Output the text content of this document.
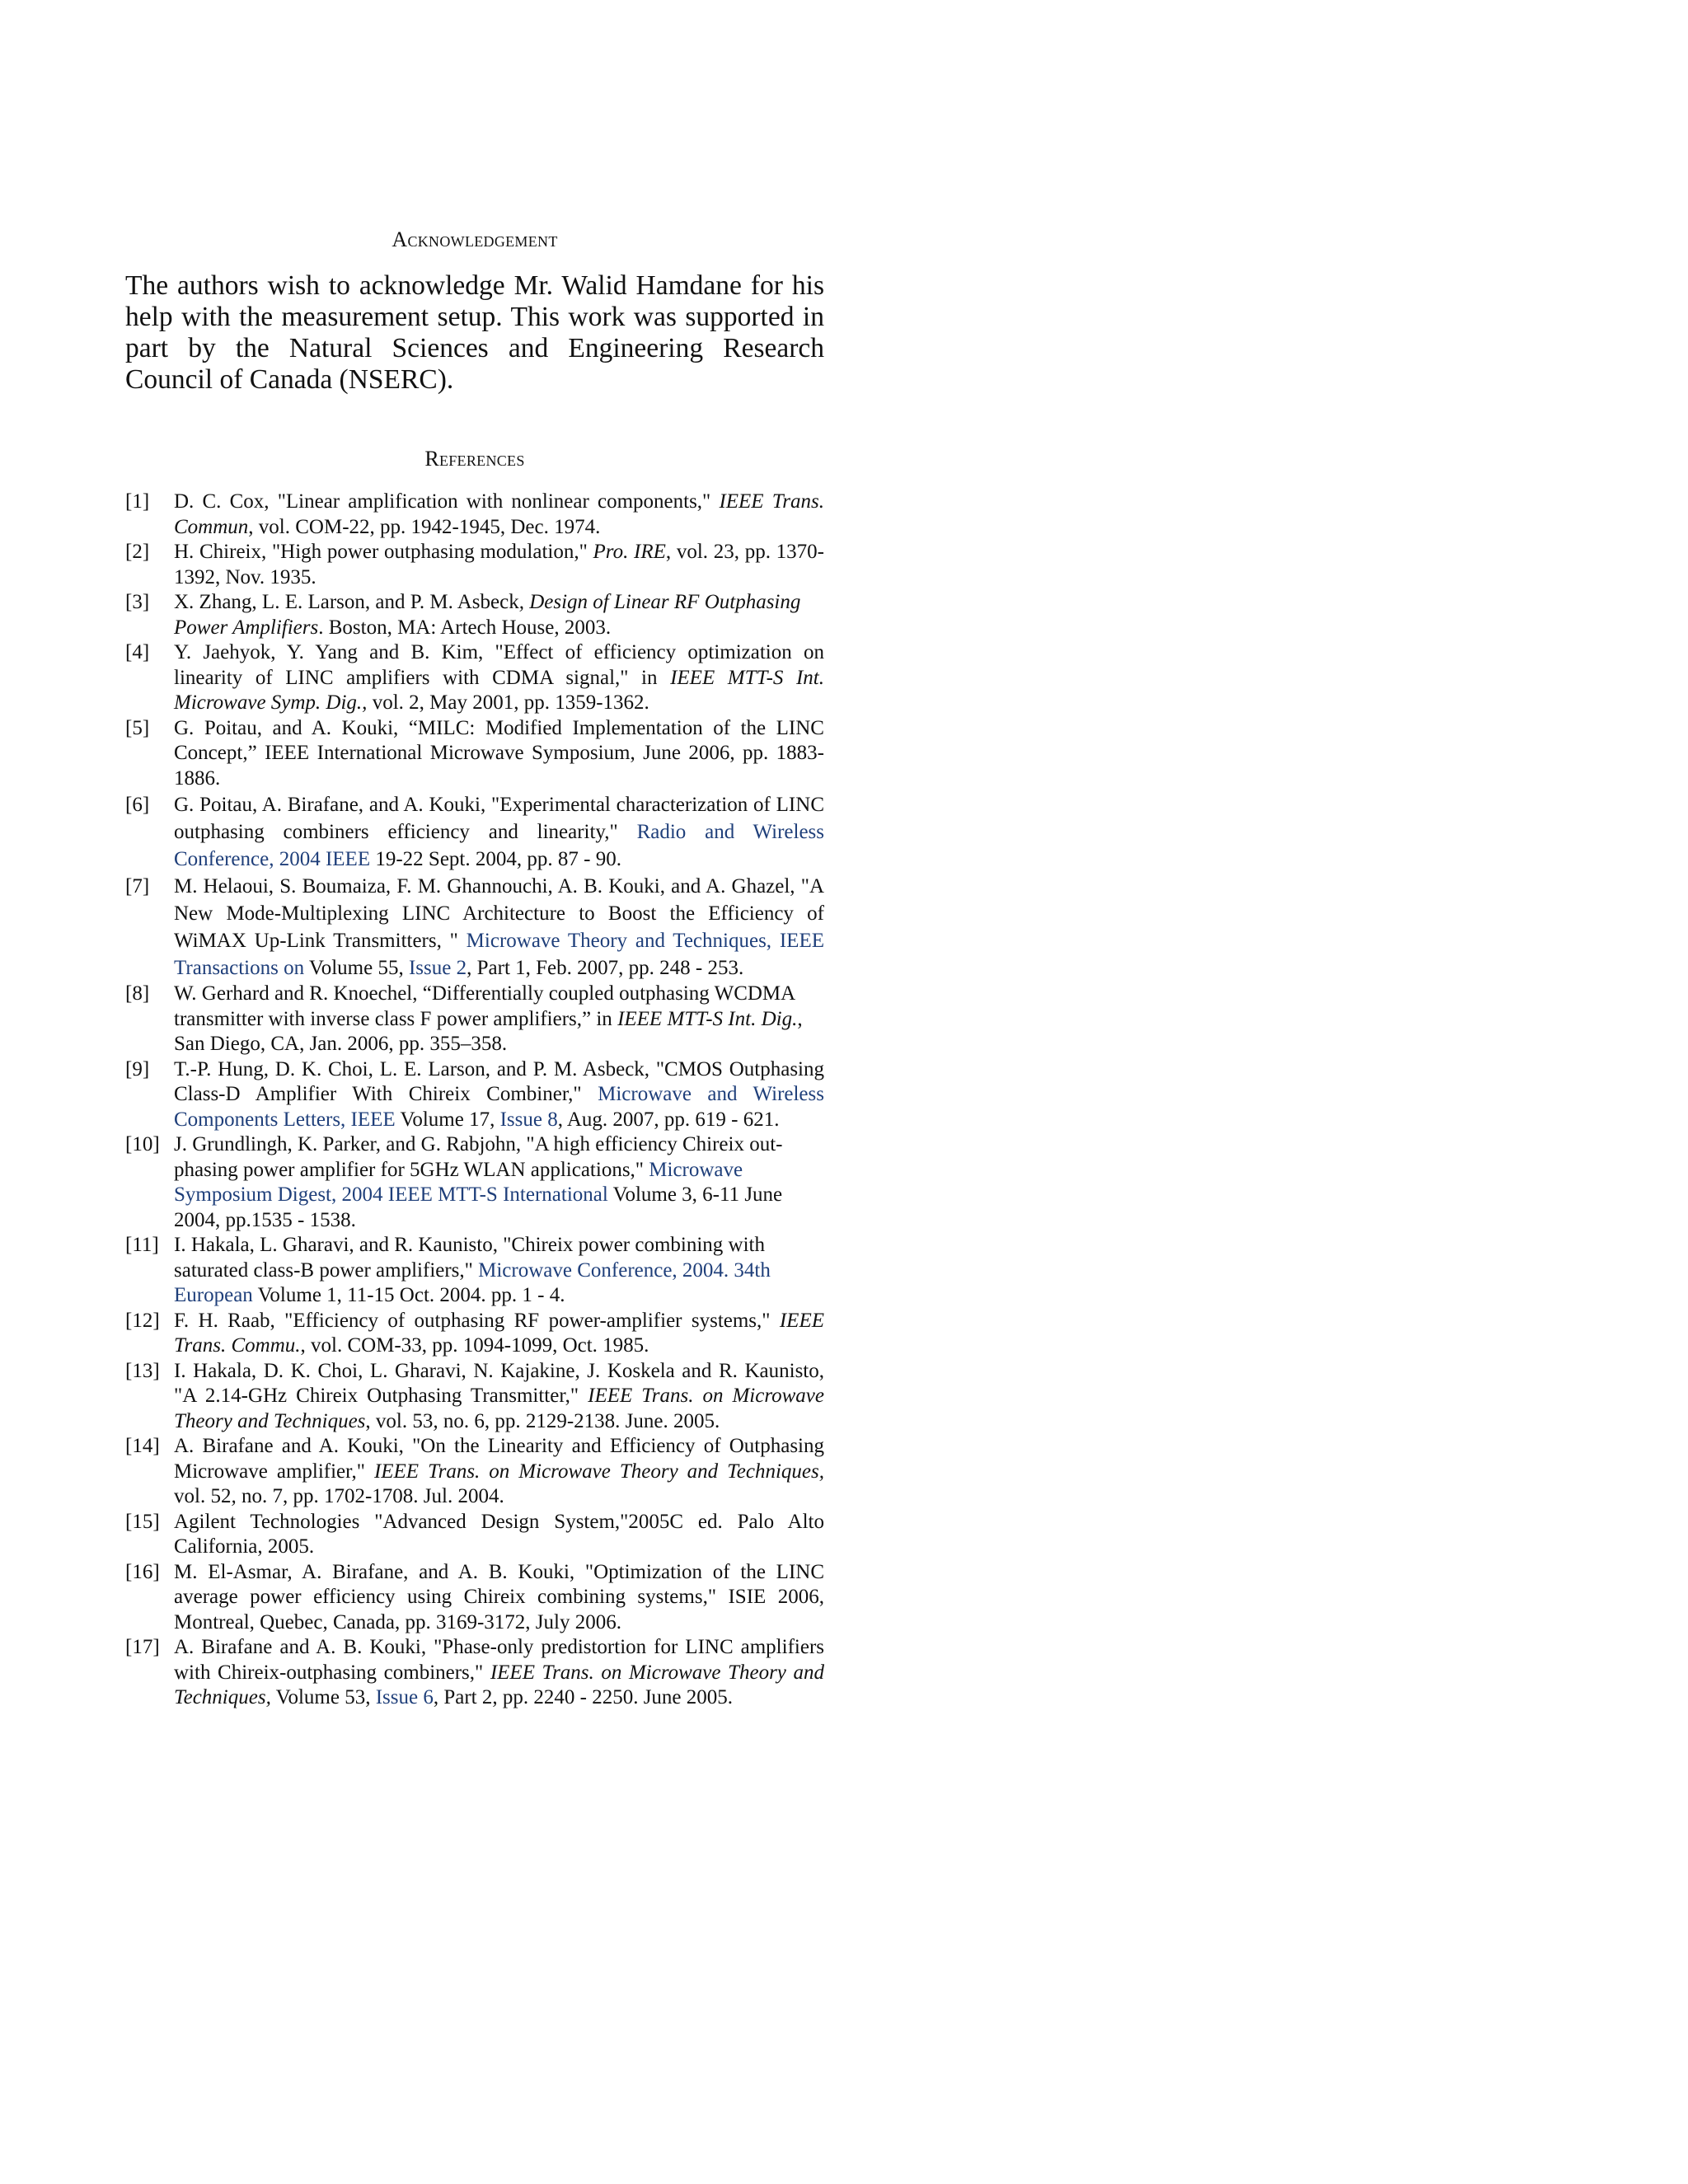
Acknowledgement

The authors wish to acknowledge Mr. Walid Hamdane for his help with the measurement setup. This work was supported in part by the Natural Sciences and Engineering Research Council of Canada (NSERC).

References
[1]	D. C. Cox, "Linear amplification with nonlinear components," IEEE Trans. Commun, vol. COM-22, pp. 1942-1945, Dec. 1974.
[2]	H. Chireix, "High power outphasing modulation," Pro. IRE, vol. 23, pp. 1370-1392, Nov. 1935.
[3]	X. Zhang, L. E. Larson, and P. M. Asbeck, Design of Linear RF Outphasing Power Amplifiers. Boston, MA: Artech House, 2003.
[4]	Y. Jaehyok, Y. Yang and B. Kim, "Effect of efficiency optimization on linearity of LINC amplifiers with CDMA signal," in IEEE MTT-S Int. Microwave Symp. Dig., vol. 2, May 2001, pp. 1359-1362.
[5]	G. Poitau, and A. Kouki, “MILC: Modified Implementation of the LINC Concept,” IEEE International Microwave Symposium, June 2006, pp. 1883-1886.
[6]	G. Poitau, A. Birafane, and A. Kouki, "Experimental characterization of LINC outphasing combiners efficiency and linearity," Radio and Wireless Conference, 2004 IEEE 19-22 Sept. 2004, pp. 87 - 90.
[7]	M. Helaoui, S. Boumaiza, F. M. Ghannouchi, A. B. Kouki, and A. Ghazel, "A New Mode-Multiplexing LINC Architecture to Boost the Efficiency of WiMAX Up-Link Transmitters, " Microwave Theory and Techniques, IEEE Transactions on Volume 55, Issue 2, Part 1, Feb. 2007, pp. 248 - 253.
[8]	W. Gerhard and R. Knoechel, “Differentially coupled outphasing WCDMA transmitter with inverse class F power amplifiers,” in IEEE MTT-S Int. Dig., San Diego, CA, Jan. 2006, pp. 355–358.
[9]	T.-P. Hung, D. K. Choi, L. E. Larson, and P. M. Asbeck, "CMOS Outphasing Class-D Amplifier With Chireix Combiner," Microwave and Wireless Components Letters, IEEE Volume 17, Issue 8, Aug. 2007, pp. 619 - 621.
[10] J. Grundlingh, K. Parker, and G. Rabjohn, "A high efficiency Chireix out-phasing power amplifier for 5GHz WLAN applications," Microwave Symposium Digest, 2004 IEEE MTT-S International Volume 3, 6-11 June 2004, pp.1535 - 1538.
[11] I. Hakala, L. Gharavi, and R. Kaunisto, "Chireix power combining with saturated class-B power amplifiers," Microwave Conference, 2004. 34th European Volume 1, 11-15 Oct. 2004. pp. 1 - 4.
[12] F. H. Raab, "Efficiency of outphasing RF power-amplifier systems," IEEE Trans. Commu., vol. COM-33, pp. 1094-1099, Oct. 1985.
[13] I. Hakala, D. K. Choi, L. Gharavi, N. Kajakine, J. Koskela and R. Kaunisto, "A 2.14-GHz Chireix Outphasing Transmitter," IEEE Trans. on Microwave Theory and Techniques, vol. 53, no. 6, pp. 2129-2138. June. 2005.
[14] A. Birafane and A. Kouki, "On the Linearity and Efficiency of Outphasing Microwave amplifier," IEEE Trans. on Microwave Theory and Techniques, vol. 52, no. 7, pp. 1702-1708. Jul. 2004.
[15] Agilent Technologies "Advanced Design System,"2005C ed. Palo Alto California, 2005.
[16] M. El-Asmar, A. Birafane, and A. B. Kouki, "Optimization of the LINC average power efficiency using Chireix combining systems," ISIE 2006, Montreal, Quebec, Canada, pp. 3169-3172, July 2006.
[17] A. Birafane and A. B. Kouki, "Phase-only predistortion for LINC amplifiers with Chireix-outphasing combiners," IEEE Trans. on Microwave Theory and Techniques, Volume 53, Issue 6, Part 2, pp. 2240 - 2250. June 2005.
